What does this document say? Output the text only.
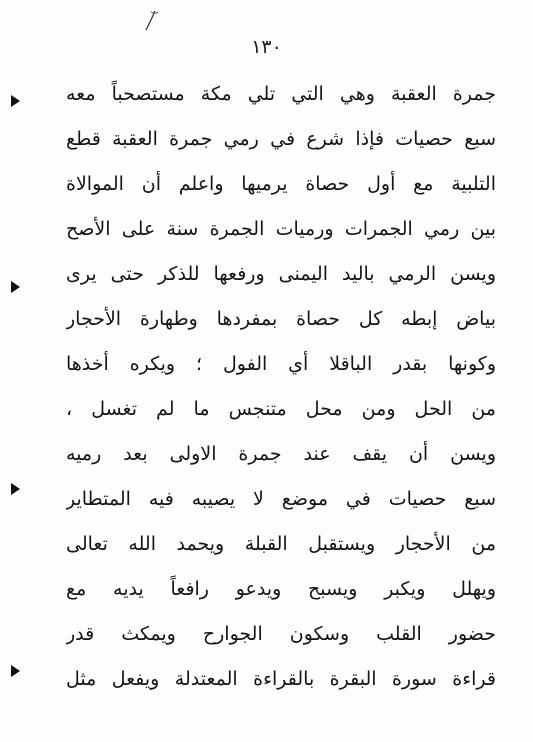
١٣٠
جمرة العقبة وهي التي تلي مكة مستصحباً معه
سبع حصيات فإذا شرع في رمي جمرة العقبة قطع
التلبية مع أول حصاة يرميها واعلم أن الموالاة
بين رمي الجمرات ورميات الجمرة سنة على الأصح
ويسن الرمي باليد اليمنى ورفعها للذكر حتى يرى
بياض إبطه كل حصاة بمفردها وطهارة الأحجار
وكونها بقدر الباقلا أي الفول ؛ ويكره أخذها
من الحل ومن محل متنجس ما لم تغسل ،
ويسن أن يقف عند جمرة الاولى بعد رميه
سبع حصيات في موضع لا يصيبه فيه المتطاير
من الأحجار ويستقبل القبلة ويحمد الله تعالى
ويهلل ويكبر ويسبح ويدعو رافعاً يديه مع
حضور القلب وسكون الجوارح ويمكث قدر
قراءة سورة البقرة بالقراءة المعتدلة ويفعل مثل
